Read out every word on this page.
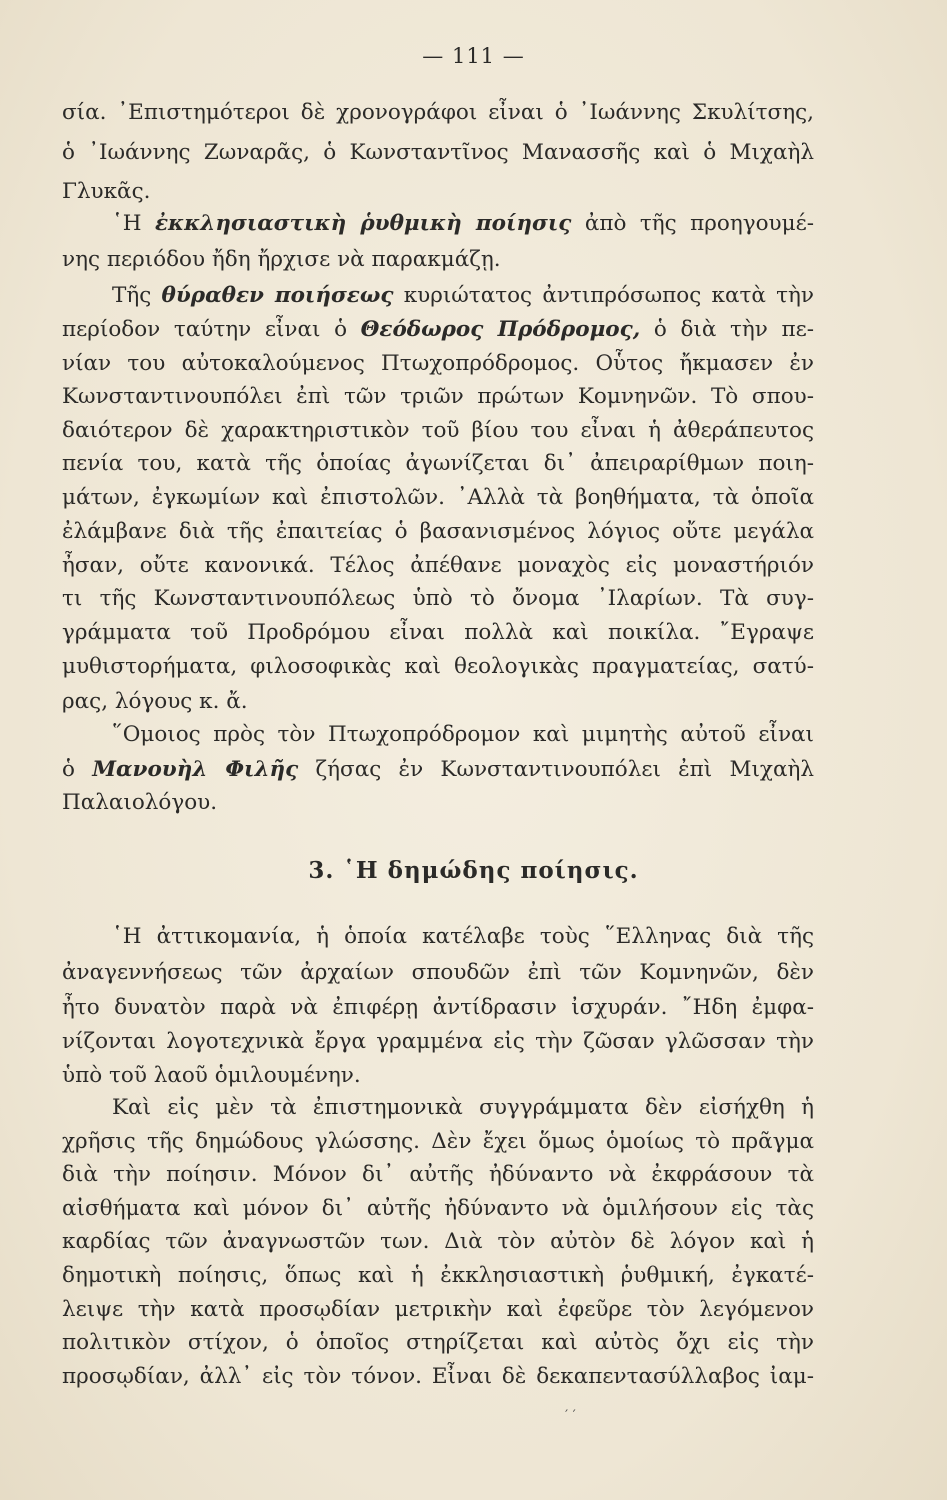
— 111 —
σία. ᾿Επιστημότεροι δὲ χρονογράφοι εἶναι ὁ ᾿Ιωάννης Σκυλίτσης,
ὁ ᾿Ιωάννης Ζωναρᾶς, ὁ Κωνσταντῖνος Μανασσῆς καὶ ὁ Μιχαὴλ
Γλυκᾶς.
῾Η ἐκκλησιαστικὴ ῥυθμικὴ ποίησις ἀπὸ τῆς προηγουμέ-
νης περιόδου ἤδη ἤρχισε νὰ παρακμάζῃ.
Τῆς θύραθεν ποιήσεως κυριώτατος ἀντιπρόσωπος κατὰ τὴν
περίοδον ταύτην εἶναι ὁ Θεόδωρος Πρόδρομος, ὁ διὰ τὴν πε-
νίαν του αὐτοκαλούμενος Πτωχοπρόδρομος. Οὗτος ἤκμασεν ἐν
Κωνσταντινουπόλει ἐπὶ τῶν τριῶν πρώτων Κομνηνῶν. Τὸ σπου-
δαιότερον δὲ χαρακτηριστικὸν τοῦ βίου του εἶναι ἡ ἀθεράπευτος
πενία του, κατὰ τῆς ὁποίας ἀγωνίζεται δι᾿ ἀπειραρίθμων ποιη-
μάτων, ἐγκωμίων καὶ ἐπιστολῶν. ᾿Αλλὰ τὰ βοηθήματα, τὰ ὁποῖα
ἐλάμβανε διὰ τῆς ἐπαιτείας ὁ βασανισμένος λόγιος οὔτε μεγάλα
ἦσαν, οὔτε κανονικά. Τέλος ἀπέθανε μοναχὸς εἰς μοναστήριόν
τι τῆς Κωνσταντινουπόλεως ὑπὸ τὸ ὄνομα ᾿Ιλαρίων. Τὰ συγ-
γράμματα τοῦ Προδρόμου εἶναι πολλὰ καὶ ποικίλα. ῎Εγραψε
μυθιστορήματα, φιλοσοφικὰς καὶ θεολογικὰς πραγματείας, σατύ-
ρας, λόγους κ. ἄ.
῞Ομοιος πρὸς τὸν Πτωχοπρόδρομον καὶ μιμητὴς αὐτοῦ εἶναι
ὁ Μανουὴλ Φιλῆς ζήσας ἐν Κωνσταντινουπόλει ἐπὶ Μιχαὴλ
Παλαιολόγου.
3. ῾Η δημώδης ποίησις.
῾Η ἀττικομανία, ἡ ὁποία κατέλαβε τοὺς ῞Ελληνας διὰ τῆς
ἀναγεννήσεως τῶν ἀρχαίων σπουδῶν ἐπὶ τῶν Κομνηνῶν, δὲν
ἦτο δυνατὸν παρὰ νὰ ἐπιφέρῃ ἀντίδρασιν ἰσχυράν. ῎Ηδη ἐμφα-
νίζονται λογοτεχνικὰ ἔργα γραμμένα εἰς τὴν ζῶσαν γλῶσσαν τὴν
ὑπὸ τοῦ λαοῦ ὁμιλουμένην.
Καὶ εἰς μὲν τὰ ἐπιστημονικὰ συγγράμματα δὲν εἰσήχθη ἡ
χρῆσις τῆς δημώδους γλώσσης. Δὲν ἔχει ὅμως ὁμοίως τὸ πρᾶγμα
διὰ τὴν ποίησιν. Μόνον δι᾿ αὐτῆς ἠδύναντο νὰ ἐκφράσουν τὰ
αἰσθήματα καὶ μόνον δι᾿ αὐτῆς ἠδύναντο νὰ ὁμιλήσουν εἰς τὰς
καρδίας τῶν ἀναγνωστῶν των. Διὰ τὸν αὐτὸν δὲ λόγον καὶ ἡ
δημοτικὴ ποίησις, ὅπως καὶ ἡ ἐκκλησιαστικὴ ῥυθμική, ἐγκατέ-
λειψε τὴν κατὰ προσῳδίαν μετρικὴν καὶ ἐφεῦρε τὸν λεγόμενον
πολιτικὸν στίχον, ὁ ὁποῖος στηρίζεται καὶ αὐτὸς ὄχι εἰς τὴν
προσῳδίαν, ἀλλ᾿ εἰς τὸν τόνον. Εἶναι δὲ δεκαπεντασύλλαβος ἰαμ-
′ ′
